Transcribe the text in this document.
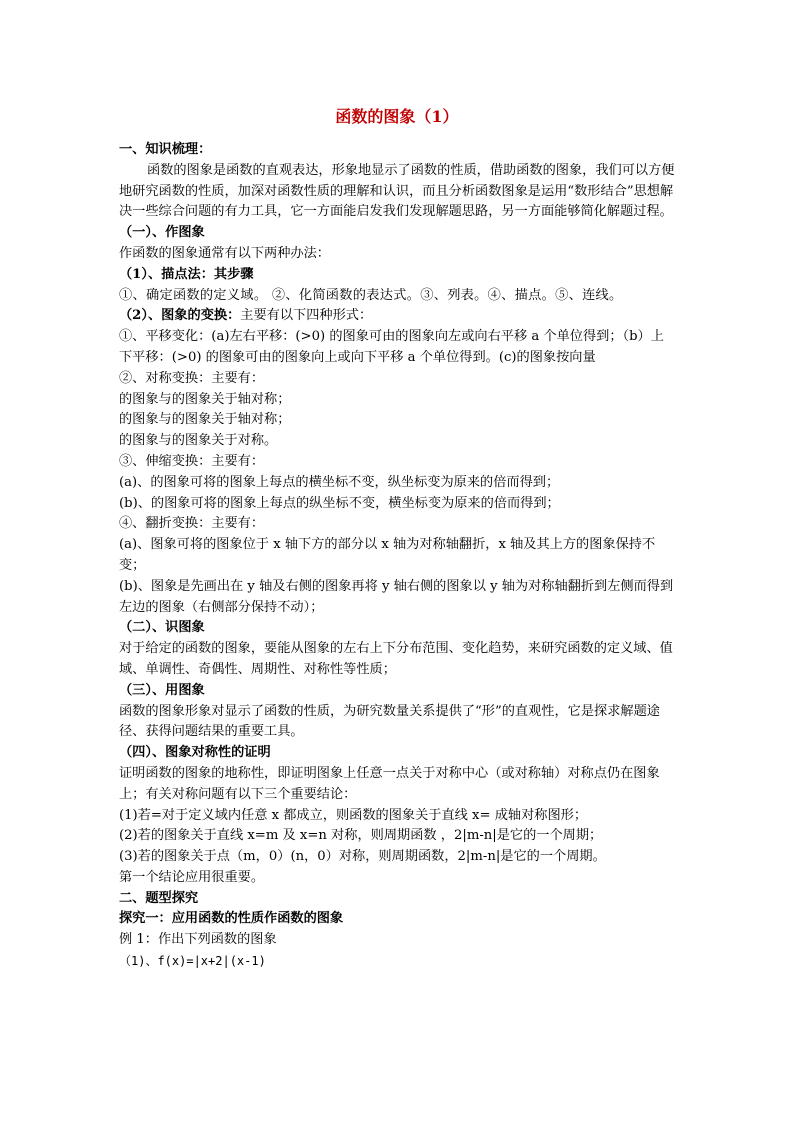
函数的图象（1）

一、知识梳理：

函数的图象是函数的直观表达，形象地显示了函数的性质，借助函数的图象，我们可以方便地研究函数的性质，加深对函数性质的理解和认识，而且分析函数图象是运用“数形结合”思想解决一些综合问题的有力工具，它一方面能启发我们发现解题思路，另一方面能够简化解题过程。

（一）、作图象

作函数的图象通常有以下两种办法：

（1）、描点法：其步骤

①、确定函数的定义域。 ②、化简函数的表达式。③、列表。④、描点。⑤、连线。

（2）、图象的变换：主要有以下四种形式：

①、平移变化：(a)左右平移：(>0) 的图象可由的图象向左或向右平移 a 个单位得到；（b）上下平移：(>0) 的图象可由的图象向上或向下平移 a 个单位得到。(c)的图象按向量

②、对称变换：主要有：

的图象与的图象关于轴对称；

的图象与的图象关于轴对称；

的图象与的图象关于对称。

③、伸缩变换：主要有：

(a)、的图象可将的图象上每点的横坐标不变，纵坐标变为原来的倍而得到；

(b)、的图象可将的图象上每点的纵坐标不变，横坐标变为原来的倍而得到；

④、翻折变换：主要有：

(a)、图象可将的图象位于 x 轴下方的部分以 x 轴为对称轴翻折，x 轴及其上方的图象保持不变；

(b)、图象是先画出在 y 轴及右侧的图象再将 y 轴右侧的图象以 y 轴为对称轴翻折到左侧而得到左边的图象（右侧部分保持不动）；

（二）、识图象

对于给定的函数的图象，要能从图象的左右上下分布范围、变化趋势，来研究函数的定义域、值域、单调性、奇偶性、周期性、对称性等性质；

（三）、用图象

函数的图象形象对显示了函数的性质，为研究数量关系提供了“形”的直观性，它是探求解题途径、获得问题结果的重要工具。

（四）、图象对称性的证明

证明函数的图象的地称性，即证明图象上任意一点关于对称中心（或对称轴）对称点仍在图象上；有关对称问题有以下三个重要结论：

(1)若=对于定义域内任意 x 都成立，则函数的图象关于直线 x= 成轴对称图形；

(2)若的图象关于直线 x=m 及 x=n 对称，则周期函数 ，2|m-n|是它的一个周期；

(3)若的图象关于点（m，0）(n，0）对称，则周期函数，2|m-n|是它的一个周期。

第一个结论应用很重要。

二、题型探究

探究一：应用函数的性质作函数的图象

例 1：作出下列函数的图象

（1)、f(x)=|x+2|(x-1)
